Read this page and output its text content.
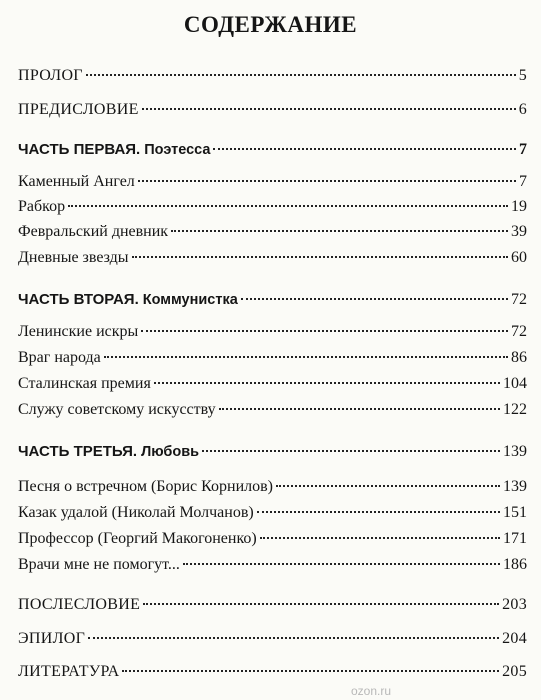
СОДЕРЖАНИЕ
ПРОЛОГ	5
ПРЕДИСЛОВИЕ	6
ЧАСТЬ ПЕРВАЯ. Поэтесса	7
Каменный Ангел	7
Рабкор	19
Февральский дневник	39
Дневные звезды	60
ЧАСТЬ ВТОРАЯ. Коммунистка	72
Ленинские искры	72
Враг народа	86
Сталинская премия	104
Служу советскому искусству	122
ЧАСТЬ ТРЕТЬЯ. Любовь	139
Песня о встречном (Борис Корнилов)	139
Казак удалой (Николай Молчанов)	151
Профессор (Георгий Макогоненко)	171
Врачи мне не помогут...	186
ПОСЛЕСЛОВИЕ	203
ЭПИЛОГ	204
ЛИТЕРАТУРА	205
ozon.ru
